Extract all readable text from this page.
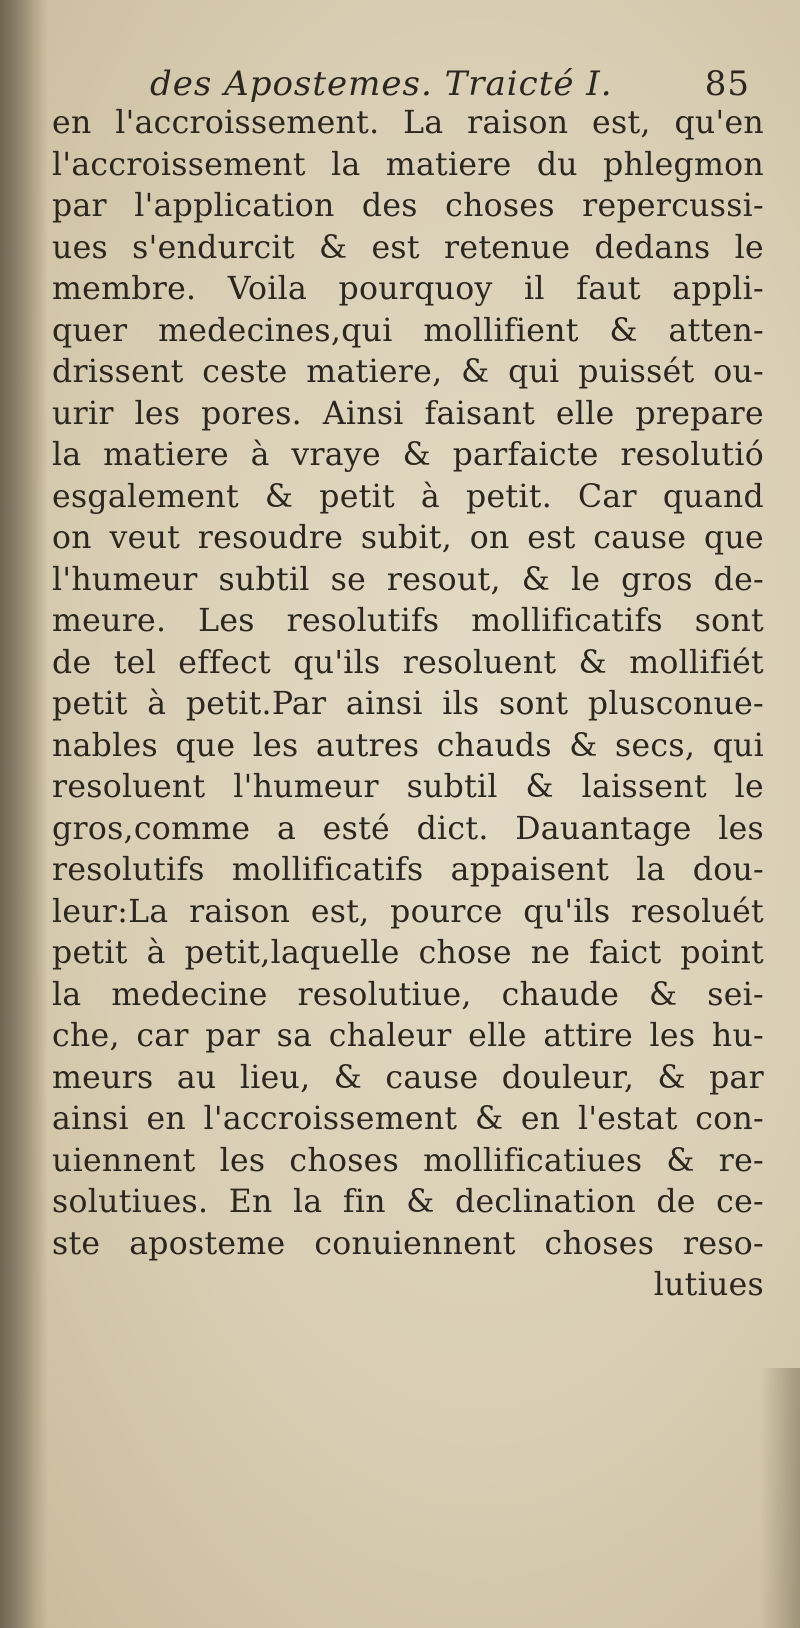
des Apostemes. Traicté I.	85
en l'accroissement. La raison est, qu'en
l'accroissement la matiere du phlegmon
par l'application des choses repercussi-
ues s'endurcit & est retenue dedans le
membre. Voila pourquoy il faut appli-
quer medecines,qui mollifient & atten-
drissent ceste matiere, & qui puissét ou-
urir les pores. Ainsi faisant elle prepare
la matiere à vraye & parfaicte resolutió
esgalement & petit à petit. Car quand
on veut resoudre subit, on est cause que
l'humeur subtil se resout, & le gros de-
meure. Les resolutifs mollificatifs sont
de tel effect qu'ils resoluent & mollifiét
petit à petit.Par ainsi ils sont plusconue-
nables que les autres chauds & secs, qui
resoluent l'humeur subtil & laissent le
gros,comme a esté dict. Dauantage les
resolutifs mollificatifs appaisent la dou-
leur:La raison est, pource qu'ils resoluét
petit à petit,laquelle chose ne faict point
la medecine resolutiue, chaude & sei-
che, car par sa chaleur elle attire les hu-
meurs au lieu, & cause douleur, & par
ainsi en l'accroissement & en l'estat con-
uiennent les choses mollificatiues & re-
solutiues. En la fin & declination de ce-
ste aposteme conuiennent choses reso-
lutiues
